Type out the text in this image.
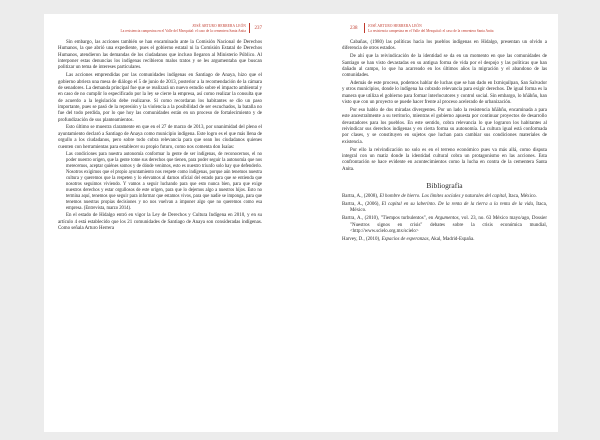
JOSÉ ARTURO HERRERA LEÓN
La resistencia campesina en el Valle del Mezquital: el caso de la cementera Santa Anita 237

Sin embargo, las acciones también se han encaminado ante la Comisión Nacional de Derechos Humanos, la que abrió una expediente, pues el gobierno estatal ni la Comisión Estatal de Derechos Humanos, atendieron las demandas de los ciudadanos que incluso llegaron al Ministerio Público. Al interponer estas denuncias los indígenas recibieron malos tratos y se les argumentaba que buscan politizar un tema de intereses particulares.

Las acciones emprendidas por las comunidades indígenas en Santiago de Anaya, hizo que el gobierno abriera una mesa de diálogo el 5 de junio de 2013, posterior a la recomendación de la cámara de senadores. La demanda principal fue que se realizará un nuevo estudio sobre el impacto ambiental y en caso de no cumplir lo especificado por la ley se cierre la empresa, así como realizar la consulta que de acuerdo a la legislación debe realizarse. Si como recordaran los habitantes se dio un paso importante, pues se pasó de la represión y la violencia a la posibilidad de ser escuchados, la batalla no fue del todo perdida, por lo que hoy las comunidades están en un proceso de fortalecimiento y de profundización de sus planteamientos.

Esto último se muestra claramente en que en el 27 de marzo de 2013, por unanimidad del pleno el ayuntamiento declaró a Santiago de Anaya como municipio indígena. Este logro es el que más llena de orgullo a los ciudadanos, pero sobre todo cobra relevancia para que sean los ciudadanos quienes cuenten con herramientas para establecer su propio futuro, como nos comenta don Isaías:

Las condiciones para nuestra autonomía conformar la gente de ser indígenas, de reconocernos, el no poder nuestro origen, que la gente tome sus derechos que tienen, para poder seguir la autonomía que nos merecemos, aceptar quiénes somos y de dónde venimos, esto es nuestro triunfo solo hay que defenderlo. Nosotros exigimos que el propio ayuntamiento nos respete como indígenas, porque aún tenemos nuestra cultura y queremos que la respeten y lo elevamos al darnos oficial del estado para que se entienda que nosotros seguimos viviendo. Y vamos a seguir luchando para que esto nunca bien, para que exige nuestros derechos y estar orgullosos de este origen, para que lo dejemos algo a nuestros hijos. Esto no termina aquí, tenemos que seguir para informar que estamos vivos, para que nadie se imponga, para que tenemos nuestras propias decisiones y no nos vuelvan a imponer algo que no queremos como esa empresa. (Entrevista, marzo 2014).

En el estado de Hidalgo entró en vigor la Ley de Derechos y Cultura Indígena en 2010, y en su artículo 4 está establecido que los 21 comunidades de Santiago de Anaya son consideradas indígenas. Como señala Arturo Herrera

238	JOSÉ ARTURO HERRERA LEÓN
La resistencia campesina en el Valle del Mezquital: el caso de la cementera Santa Anita

Cabañas, (1980) las políticas hacia los pueblos indígenas en Hidalgo, presentan un olvido a diferencia de otros estados.

De ahí que la reivindicación de la identidad se da en un momento en que las comunidades de Santiago se han visto devastadas en su antigua forma de vida por el despojo y las políticas que han dañado al campo, lo que ha acarreado en los últimos años la migración y el abandono de las comunidades.

Además de este proceso, podemos hablar de luchas que se han dado en Ixmiquilpan, San Salvador y otros municipios, donde lo indígena ha cobrado relevancia para exigir derechos. De igual forma es la manera que utiliza el gobierno para formar interlocutores y control social. Sin embargo, lo hñähñu, han visto que con un proyecto se puede hacer frente al proceso acelerado de urbanización.

Por eso hablo de dos miradas divergentes. Por un lado la resistencia hñähñu, encaminada a para este ancestralmente a su territorio, mientras el gobierno apuesta por continuar proyectos de desarrollo devastadores para los pueblos. En este sentido, cobra relevancia lo que lograron los habitantes al reivindicar sus derechos indígenas y en cierta forma su autonomía. La cultura igual está conformada por clases, y se constituyen en sujetos que luchan para cambiar sus condiciones materiales de existencia.

Por ello la reivindicación no solo es en el terreno económico pues va más allá, como disputa integral con un matiz donde la identidad cultural cobra un protagonismo en las acciones. Esta confrontación se hace evidente en acontecimientos como la lucha en contra de la cementera Santa Anita.

Bibliografía
Bartra, A., (2008), El hombre de hierro. Los límites sociales y naturales del capital, Itaca, México.
Bartra, A., (2006), El capital en su laberinto. De la renta de la tierra a la renta de la vida, Itaca, México.
Bartra, A., (2010), "Tiempos turbulentos", en Argumentos, vol. 23, no. 63 México mayo/ago, Dossier "Nuestros signos en crisis" debates sobre la crisis económica mundial, <http://www.scielo.org.mx/scielo>
Harvey, D., (2010), Espacios de esperanzas, Akal, Madrid-España.
